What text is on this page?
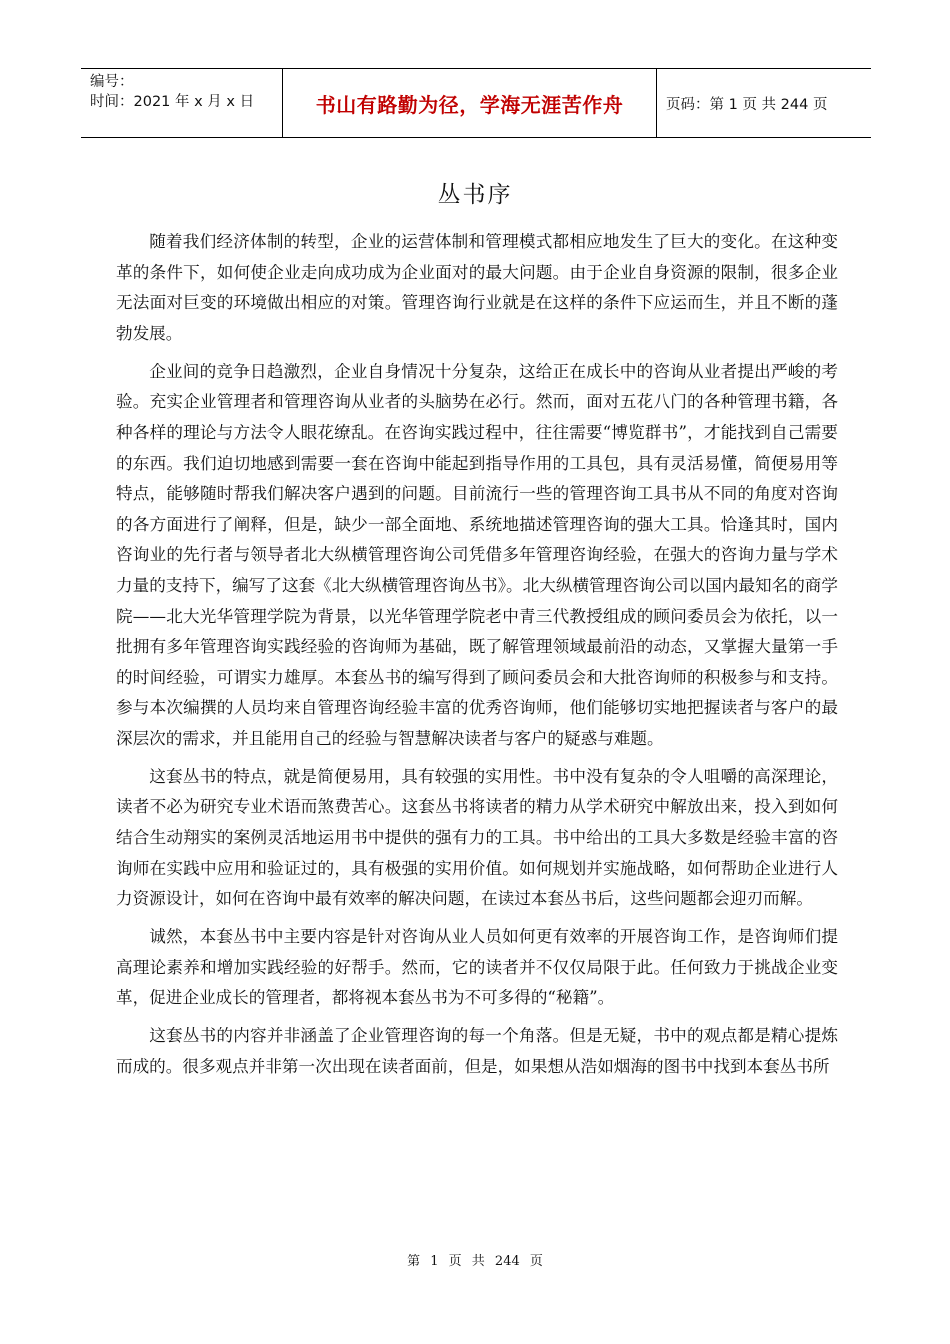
编号：
时间：2021 年 x 月 x 日	书山有路勤为径，学海无涯苦作舟	页码：第 1 页 共 244 页
丛书序

随着我们经济体制的转型，企业的运营体制和管理模式都相应地发生了巨大的变化。在这种变革的条件下，如何使企业走向成功成为企业面对的最大问题。由于企业自身资源的限制，很多企业无法面对巨变的环境做出相应的对策。管理咨询行业就是在这样的条件下应运而生，并且不断的蓬勃发展。

企业间的竞争日趋激烈，企业自身情况十分复杂，这给正在成长中的咨询从业者提出严峻的考验。充实企业管理者和管理咨询从业者的头脑势在必行。然而，面对五花八门的各种管理书籍，各种各样的理论与方法令人眼花缭乱。在咨询实践过程中，往往需要“博览群书”，才能找到自己需要的东西。我们迫切地感到需要一套在咨询中能起到指导作用的工具包，具有灵活易懂，简便易用等特点，能够随时帮我们解决客户遇到的问题。目前流行一些的管理咨询工具书从不同的角度对咨询的各方面进行了阐释，但是，缺少一部全面地、系统地描述管理咨询的强大工具。恰逢其时，国内咨询业的先行者与领导者北大纵横管理咨询公司凭借多年管理咨询经验，在强大的咨询力量与学术力量的支持下，编写了这套《北大纵横管理咨询丛书》。北大纵横管理咨询公司以国内最知名的商学院——北大光华管理学院为背景，以光华管理学院老中青三代教授组成的顾问委员会为依托，以一批拥有多年管理咨询实践经验的咨询师为基础，既了解管理领域最前沿的动态，又掌握大量第一手的时间经验，可谓实力雄厚。本套丛书的编写得到了顾问委员会和大批咨询师的积极参与和支持。参与本次编撰的人员均来自管理咨询经验丰富的优秀咨询师，他们能够切实地把握读者与客户的最深层次的需求，并且能用自己的经验与智慧解决读者与客户的疑惑与难题。

这套丛书的特点，就是简便易用，具有较强的实用性。书中没有复杂的令人咀嚼的高深理论，读者不必为研究专业术语而煞费苦心。这套丛书将读者的精力从学术研究中解放出来，投入到如何结合生动翔实的案例灵活地运用书中提供的强有力的工具。书中给出的工具大多数是经验丰富的咨询师在实践中应用和验证过的，具有极强的实用价值。如何规划并实施战略，如何帮助企业进行人力资源设计，如何在咨询中最有效率的解决问题，在读过本套丛书后，这些问题都会迎刃而解。

诚然，本套丛书中主要内容是针对咨询从业人员如何更有效率的开展咨询工作，是咨询师们提高理论素养和增加实践经验的好帮手。然而，它的读者并不仅仅局限于此。任何致力于挑战企业变革，促进企业成长的管理者，都将视本套丛书为不可多得的“秘籍”。

这套丛书的内容并非涵盖了企业管理咨询的每一个角落。但是无疑，书中的观点都是精心提炼而成的。很多观点并非第一次出现在读者面前，但是，如果想从浩如烟海的图书中找到本套丛书所

第 1 页 共 244 页
